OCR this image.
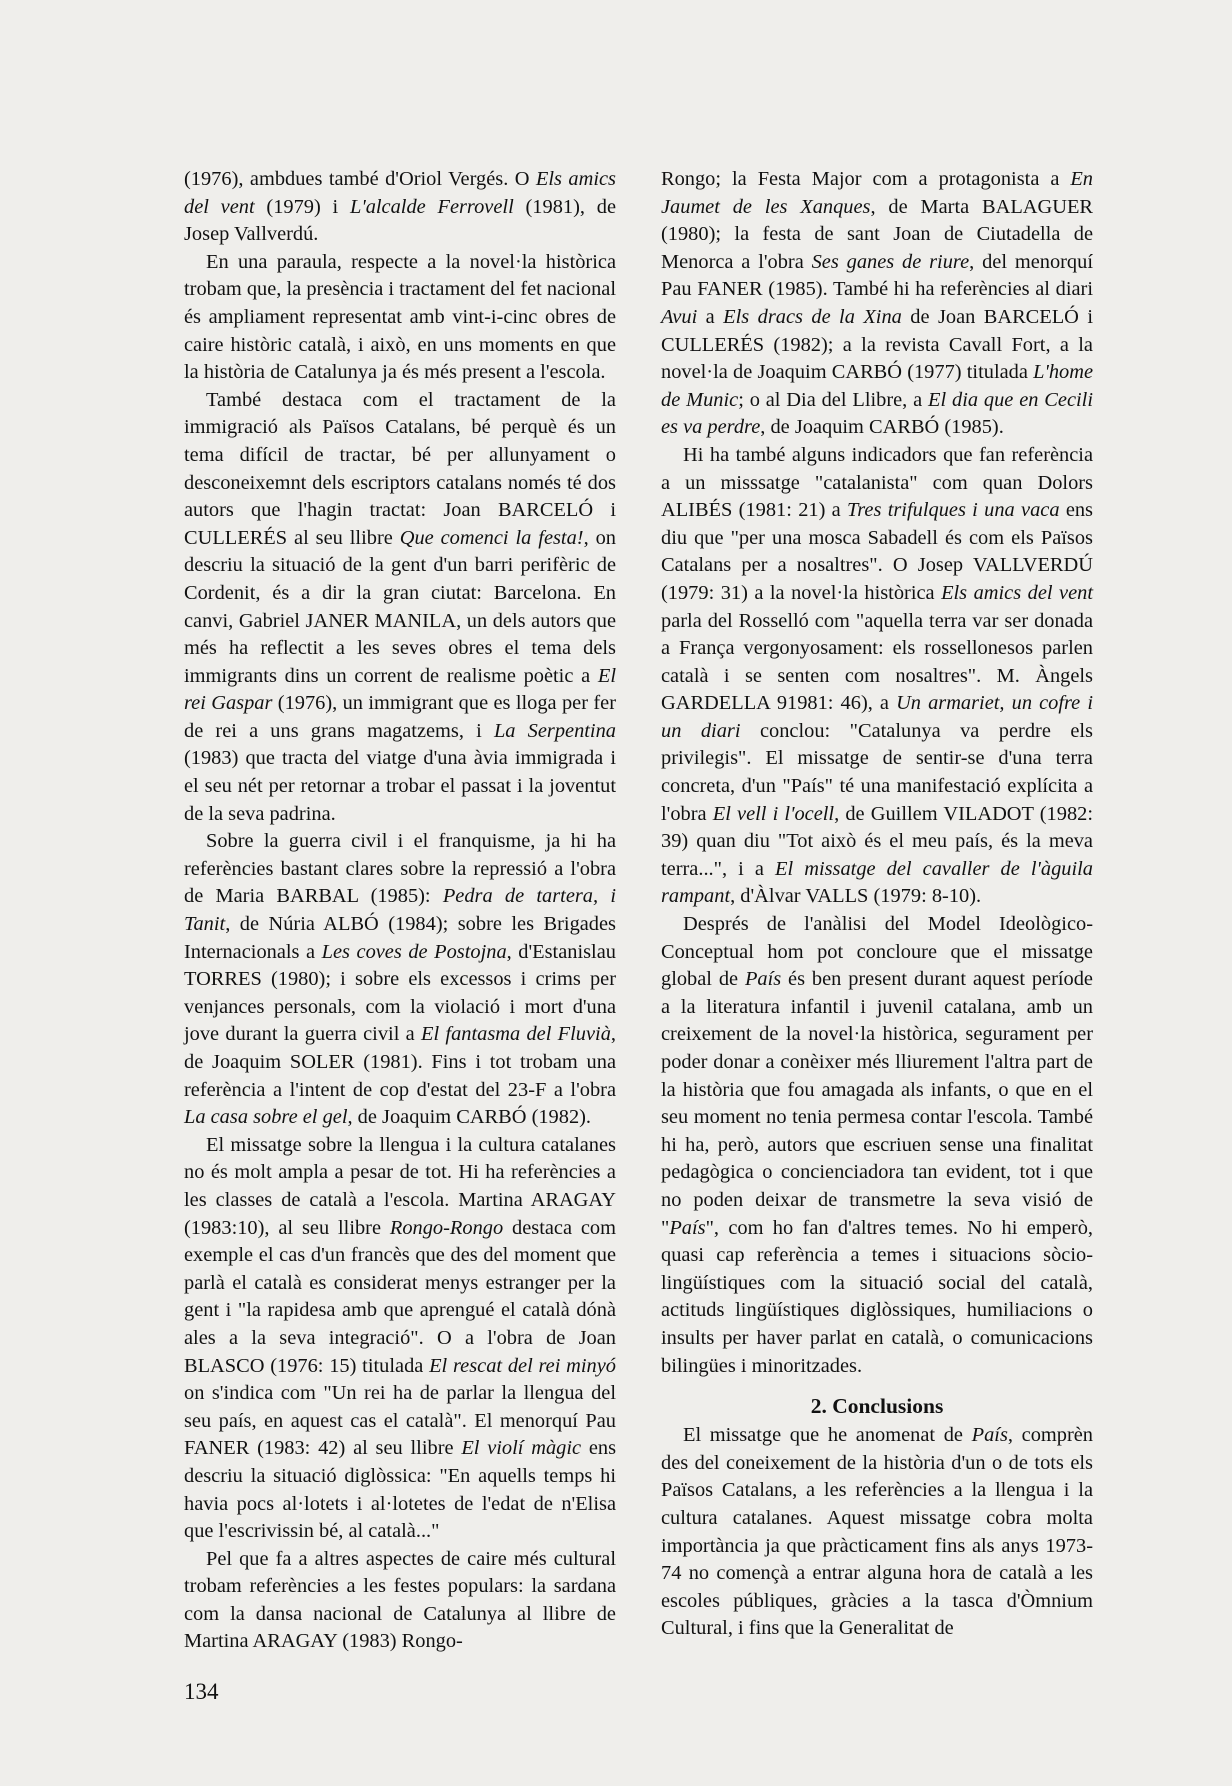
(1976), ambdues també d'Oriol Vergés. O Els amics del vent (1979) i L'alcalde Ferrovell (1981), de Josep Vallverdú.

En una paraula, respecte a la novel·la històrica trobam que, la presència i tractament del fet nacional és ampliament representat amb vint-i-cinc obres de caire històric català, i això, en uns moments en que la història de Catalunya ja és més present a l'escola.

També destaca com el tractament de la immigració als Països Catalans, bé perquè és un tema difícil de tractar, bé per allunyament o desconeixemnt dels escriptors catalans només té dos autors que l'hagin tractat: Joan BARCELÓ i CULLERÉS al seu llibre Que comenci la festa!, on descriu la situació de la gent d'un barri perifèric de Cordenit, és a dir la gran ciutat: Barcelona. En canvi, Gabriel JANER MANILA, un dels autors que més ha reflectit a les seves obres el tema dels immigrants dins un corrent de realisme poètic a El rei Gaspar (1976), un immigrant que es lloga per fer de rei a uns grans magatzems, i La Serpentina (1983) que tracta del viatge d'una àvia immigrada i el seu nét per retornar a trobar el passat i la joventut de la seva padrina.

Sobre la guerra civil i el franquisme, ja hi ha referències bastant clares sobre la repressió a l'obra de Maria BARBAL (1985): Pedra de tartera, i Tanit, de Núria ALBÓ (1984); sobre les Brigades Internacionals a Les coves de Postojna, d'Estanislau TORRES (1980); i sobre els excessos i crims per venjances personals, com la violació i mort d'una jove durant la guerra civil a El fantasma del Fluvià, de Joaquim SOLER (1981). Fins i tot trobam una referència a l'intent de cop d'estat del 23-F a l'obra La casa sobre el gel, de Joaquim CARBÓ (1982).

El missatge sobre la llengua i la cultura catalanes no és molt ampla a pesar de tot. Hi ha referències a les classes de català a l'escola. Martina ARAGAY (1983:10), al seu llibre Rongo-Rongo destaca com exemple el cas d'un francès que des del moment que parlà el català es considerat menys estranger per la gent i "la rapidesa amb que aprengué el català dónà ales a la seva integració". O a l'obra de Joan BLASCO (1976: 15) titulada El rescat del rei minyó on s'indica com "Un rei ha de parlar la llengua del seu país, en aquest cas el català". El menorquí Pau FANER (1983: 42) al seu llibre El violí màgic ens descriu la situació diglòssica: "En aquells temps hi havia pocs al·lotets i al·lotetes de l'edat de n'Elisa que l'escrivissin bé, al català..."

Pel que fa a altres aspectes de caire més cultural trobam referències a les festes populars: la sardana com la dansa nacional de Catalunya al llibre de Martina ARAGAY (1983) Rongo-

Rongo; la Festa Major com a protagonista a En Jaumet de les Xanques, de Marta BALAGUER (1980); la festa de sant Joan de Ciutadella de Menorca a l'obra Ses ganes de riure, del menorquí Pau FANER (1985). També hi ha referències al diari Avui a Els dracs de la Xina de Joan BARCELÓ i CULLERÉS (1982); a la revista Cavall Fort, a la novel·la de Joaquim CARBÓ (1977) titulada L'home de Munic; o al Dia del Llibre, a El dia que en Cecili es va perdre, de Joaquim CARBÓ (1985).

Hi ha també alguns indicadors que fan referència a un misssatge "catalanista" com quan Dolors ALIBÉS (1981: 21) a Tres trifulques i una vaca ens diu que "per una mosca Sabadell és com els Països Catalans per a nosaltres". O Josep VALLVERDÚ (1979: 31) a la novel·la històrica Els amics del vent parla del Rosselló com "aquella terra var ser donada a França vergonyosament: els rossellonesos parlen català i se senten com nosaltres". M. Àngels GARDELLA 91981: 46), a Un armariet, un cofre i un diari conclou: "Catalunya va perdre els privilegis". El missatge de sentir-se d'una terra concreta, d'un "País" té una manifestació explícita a l'obra El vell i l'ocell, de Guillem VILADOT (1982: 39) quan diu "Tot això és el meu país, és la meva terra...", i a El missatge del cavaller de l'àguila rampant, d'Àlvar VALLS (1979: 8-10).

Després de l'anàlisi del Model Ideològico-Conceptual hom pot concloure que el missatge global de País és ben present durant aquest període a la literatura infantil i juvenil catalana, amb un creixement de la novel·la històrica, segurament per poder donar a conèixer més lliurement l'altra part de la història que fou amagada als infants, o que en el seu moment no tenia permesa contar l'escola. També hi ha, però, autors que escriuen sense una finalitat pedagògica o concienciadora tan evident, tot i que no poden deixar de transmetre la seva visió de "País", com ho fan d'altres temes. No hi emperò, quasi cap referència a temes i situacions sòcio-lingüístiques com la situació social del català, actituds lingüístiques diglòssiques, humiliacions o insults per haver parlat en català, o comunicacions bilingües i minoritzades.

2. Conclusions

El missatge que he anomenat de País, comprèn des del coneixement de la història d'un o de tots els Països Catalans, a les referències a la llengua i la cultura catalanes. Aquest missatge cobra molta importància ja que pràcticament fins als anys 1973-74 no començà a entrar alguna hora de català a les escoles públiques, gràcies a la tasca d'Òmnium Cultural, i fins que la Generalitat de

134
